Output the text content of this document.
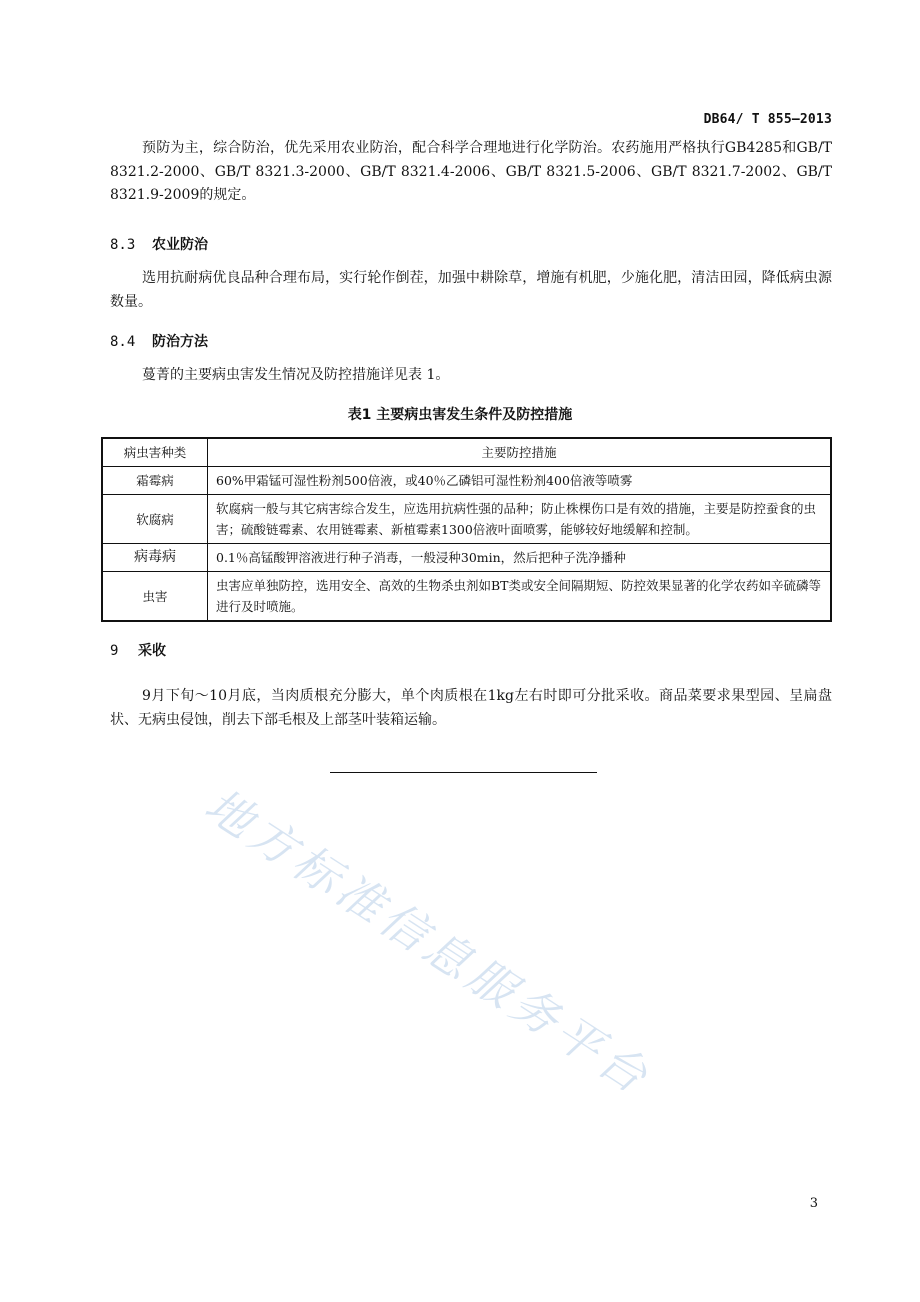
DB64/ T 855—2013

预防为主，综合防治，优先采用农业防治，配合科学合理地进行化学防治。农药施用严格执行GB4285和GB/T 8321.2-2000、GB/T 8321.3-2000、GB/T 8321.4-2006、GB/T 8321.5-2006、GB/T 8321.7-2002、GB/T 8321.9-2009的规定。

8.3 农业防治

选用抗耐病优良品种合理布局，实行轮作倒茬，加强中耕除草，增施有机肥，少施化肥，清洁田园，降低病虫源数量。

8.4 防治方法

蔓菁的主要病虫害发生情况及防控措施详见表 1。

表1 主要病虫害发生条件及防控措施
病虫害种类	主要防控措施
霜霉病	60%甲霜锰可湿性粉剂500倍液，或40％乙磷铝可湿性粉剂400倍液等喷雾
软腐病	软腐病一般与其它病害综合发生，应选用抗病性强的品种；防止株棵伤口是有效的措施，主要是防控蚕食的虫害；硫酸链霉素、农用链霉素、新植霉素1300倍液叶面喷雾，能够较好地缓解和控制。
病毒病	0.1％高锰酸钾溶液进行种子消毒，一般浸种30min，然后把种子洗净播种
虫害	虫害应单独防控，选用安全、高效的生物杀虫剂如BT类或安全间隔期短、防控效果显著的化学农药如辛硫磷等进行及时喷施。
9 采收

9月下旬～10月底，当肉质根充分膨大，单个肉质根在1kg左右时即可分批采收。商品菜要求果型园、呈扁盘状、无病虫侵蚀，削去下部毛根及上部茎叶装箱运输。

地方标准信息服务平台
3
